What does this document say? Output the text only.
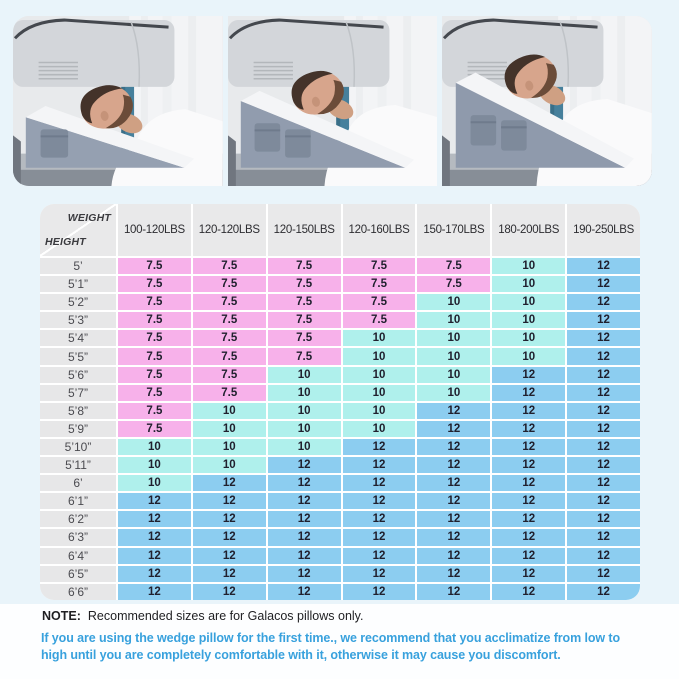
WEIGHT
HEIGHT
100-120LBS	120-120LBS	120-150LBS	120-160LBS	150-170LBS	180-200LBS	190-250LBS
5’	7.5	7.5	7.5	7.5	7.5	10	12
5’1”	7.5	7.5	7.5	7.5	7.5	10	12
5’2”	7.5	7.5	7.5	7.5	10	10	12
5’3”	7.5	7.5	7.5	7.5	10	10	12
5’4”	7.5	7.5	7.5	10	10	10	12
5’5”	7.5	7.5	7.5	10	10	10	12
5’6”	7.5	7.5	10	10	10	12	12
5’7”	7.5	7.5	10	10	10	12	12
5’8”	7.5	10	10	10	12	12	12
5’9”	7.5	10	10	10	12	12	12
5’10”	10	10	10	12	12	12	12
5’11”	10	10	12	12	12	12	12
6’	10	12	12	12	12	12	12
6’1”	12	12	12	12	12	12	12
6’2”	12	12	12	12	12	12	12
6’3”	12	12	12	12	12	12	12
6’4”	12	12	12	12	12	12	12
6’5”	12	12	12	12	12	12	12
6’6”	12	12	12	12	12	12	12
NOTE: Recommended sizes are for Galacos pillows only.
If you are using the wedge pillow for the first time., we recommend that you acclimatize from low to
high until you are completely comfortable with it, otherwise it may cause you discomfort.
